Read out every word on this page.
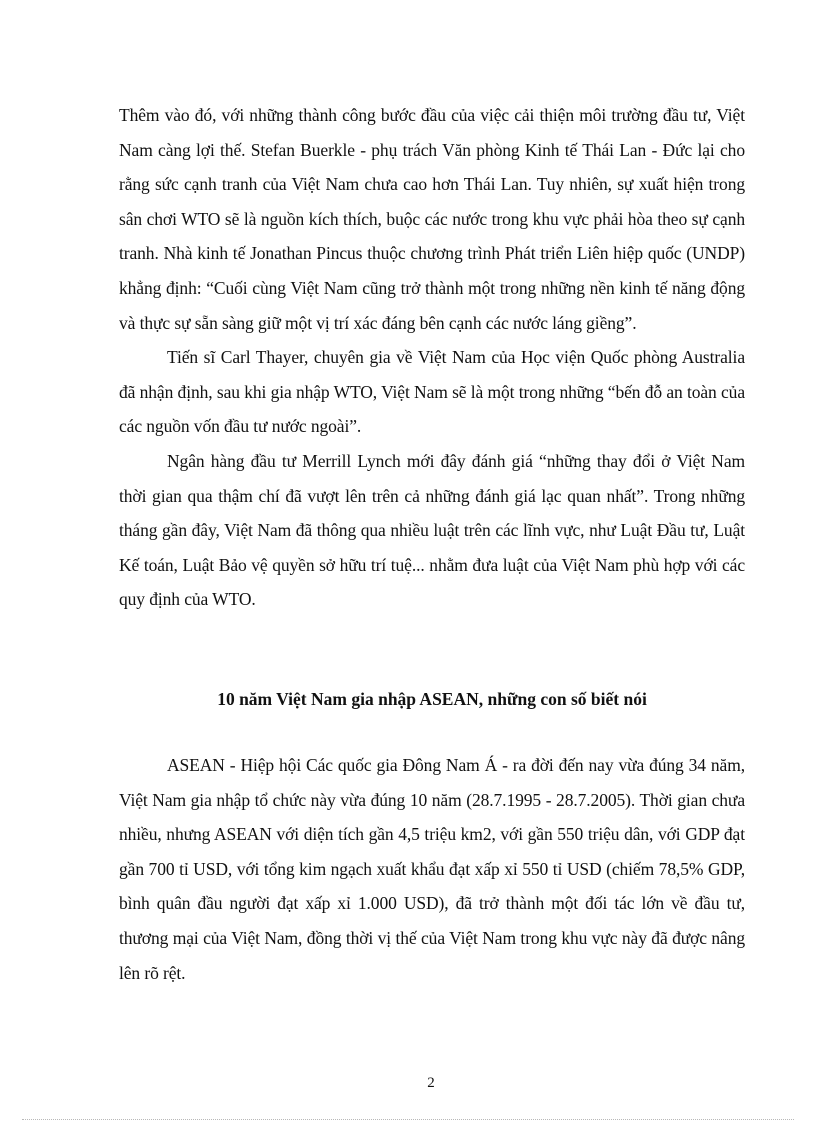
Thêm vào đó, với những thành công bước đầu của việc cải thiện môi trường đầu tư, Việt Nam càng lợi thế. Stefan Buerkle - phụ trách Văn phòng Kinh tế Thái Lan - Đức lại cho rằng sức cạnh tranh của Việt Nam chưa cao hơn Thái Lan. Tuy nhiên, sự xuất hiện trong sân chơi WTO sẽ là nguồn kích thích, buộc các nước trong khu vực phải hòa theo sự cạnh tranh. Nhà kinh tế Jonathan Pincus thuộc chương trình Phát triển Liên hiệp quốc (UNDP) khẳng định: “Cuối cùng Việt Nam cũng trở thành một trong những nền kinh tế năng động và thực sự sẵn sàng giữ một vị trí xác đáng bên cạnh các nước láng giềng”.

Tiến sĩ Carl Thayer, chuyên gia về Việt Nam của Học viện Quốc phòng Australia đã nhận định, sau khi gia nhập WTO, Việt Nam sẽ là một trong những “bến đỗ an toàn của các nguồn vốn đầu tư nước ngoài”.

Ngân hàng đầu tư Merrill Lynch mới đây đánh giá “những thay đổi ở Việt Nam thời gian qua thậm chí đã vượt lên trên cả những đánh giá lạc quan nhất”. Trong những tháng gần đây, Việt Nam đã thông qua nhiều luật trên các lĩnh vực, như Luật Đầu tư, Luật Kế toán, Luật Bảo vệ quyền sở hữu trí tuệ... nhằm đưa luật của Việt Nam phù hợp với các quy định của WTO.

10 năm Việt Nam gia nhập ASEAN, những con số biết nói

ASEAN - Hiệp hội Các quốc gia Đông Nam Á - ra đời đến nay vừa đúng 34 năm, Việt Nam gia nhập tổ chức này vừa đúng 10 năm (28.7.1995 - 28.7.2005). Thời gian chưa nhiều, nhưng ASEAN với diện tích gần 4,5 triệu km2, với gần 550 triệu dân, với GDP đạt gần 700 tỉ USD, với tổng kim ngạch xuất khẩu đạt xấp xỉ 550 tỉ USD (chiếm 78,5% GDP, bình quân đầu người đạt xấp xỉ 1.000 USD), đã trở thành một đối tác lớn về đầu tư, thương mại của Việt Nam, đồng thời vị thế của Việt Nam trong khu vực này đã được nâng lên rõ rệt.

2
